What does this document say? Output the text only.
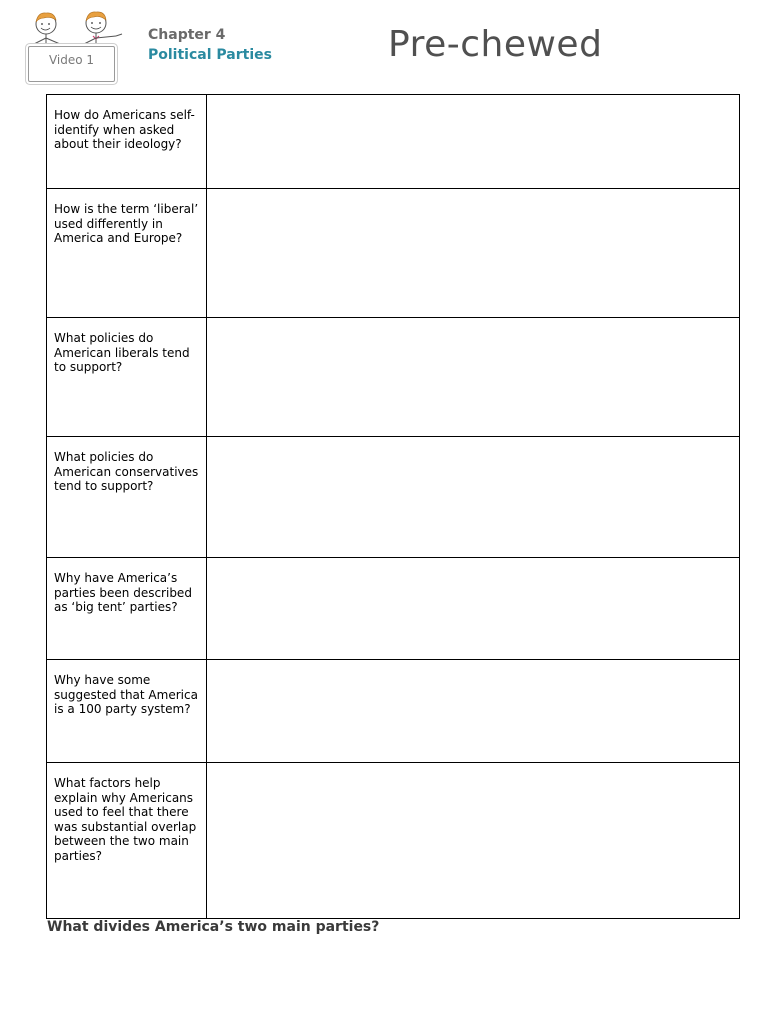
Video 1
Chapter 4
Political Parties	Pre-chewed
How do Americans self-identify when asked about their ideology?	
How is the term ‘liberal’ used differently in America and Europe?	
What policies do American liberals tend to support?	
What policies do American conservatives tend to support?	
Why have America’s parties been described as ‘big tent’ parties?	
Why have some suggested that America is a 100 party system?	
What factors help explain why Americans used to feel that there was substantial overlap between the two main parties?	
What divides America’s two main parties?
